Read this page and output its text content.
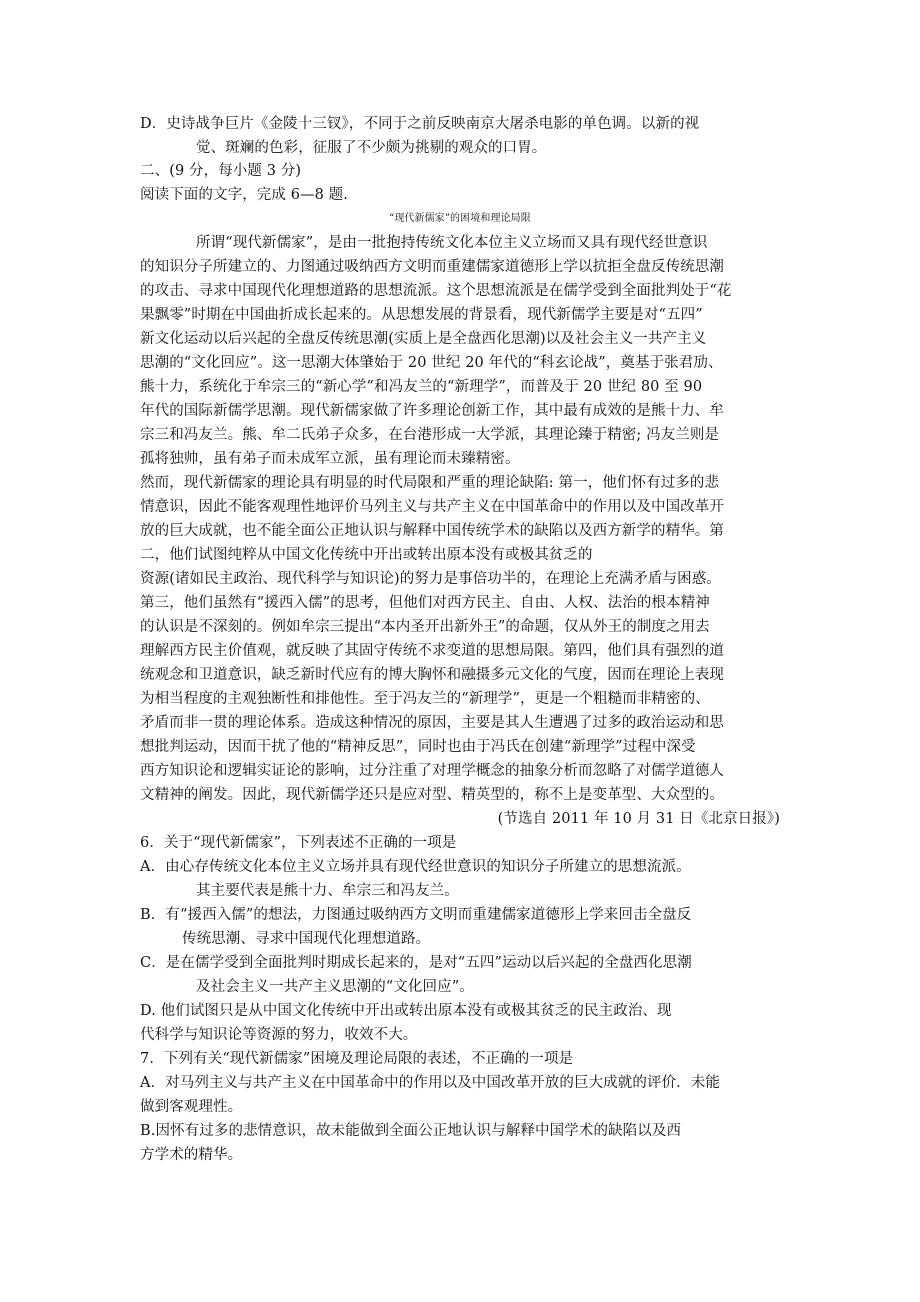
D．史诗战争巨片《金陵十三钗》，不同于之前反映南京大屠杀电影的单色调。以新的视
觉、斑斓的色彩，征服了不少颇为挑剔的观众的口胃。
二、(9 分，每小题 3 分)
阅读下面的文字，完成 6—8 题.
“现代新儒家”的困境和理论局限
所谓“现代新儒家”，是由一批抱持传统文化本位主义立场而又具有现代经世意识
的知识分子所建立的、力图通过吸纳西方文明而重建儒家道德形上学以抗拒全盘反传统思潮
的攻击、寻求中国现代化理想道路的思想流派。这个思想流派是在儒学受到全面批判处于“花
果飘零”时期在中国曲折成长起来的。从思想发展的背景看，现代新儒学主要是对“五四”
新文化运动以后兴起的全盘反传统思潮(实质上是全盘西化思潮)以及社会主义一共产主义
思潮的“文化回应”。这一思潮大体肇始于 20 世纪 20 年代的“科玄论战”，奠基于张君劢、
熊十力，系统化于牟宗三的“新心学”和冯友兰的“新理学”，而普及于 20 世纪 80 至 90
年代的国际新儒学思潮。现代新儒家做了许多理论创新工作，其中最有成效的是熊十力、牟
宗三和冯友兰。熊、牟二氏弟子众多，在台港形成一大学派，其理论臻于精密; 冯友兰则是
孤将独帅，虽有弟子而未成军立派，虽有理论而未臻精密。
然而，现代新儒家的理论具有明显的时代局限和严重的理论缺陷: 第一，他们怀有过多的悲
情意识，因此不能客观理性地评价马列主义与共产主义在中国革命中的作用以及中国改革开
放的巨大成就，也不能全面公正地认识与解释中国传统学术的缺陷以及西方新学的精华。第
二，他们试图纯粹从中国文化传统中开出或转出原本没有或极其贫乏的
资源(诸如民主政治、现代科学与知识论)的努力是事倍功半的，在理论上充满矛盾与困惑。
第三，他们虽然有“援西入儒”的思考，但他们对西方民主、自由、人权、法治的根本精神
的认识是不深刻的。例如牟宗三提出“本内圣开出新外王”的命题，仅从外王的制度之用去
理解西方民主价值观，就反映了其固守传统不求变道的思想局限。第四，他们具有强烈的道
统观念和卫道意识，缺乏新时代应有的博大胸怀和融摄多元文化的气度，因而在理论上表现
为相当程度的主观独断性和排他性。至于冯友兰的“新理学”，更是一个粗糙而非精密的、
矛盾而非一贯的理论体系。造成这种情况的原因，主要是其人生遭遇了过多的政治运动和思
想批判运动，因而干扰了他的“精神反思”，同时也由于冯氏在创建“新理学”过程中深受
西方知识论和逻辑实证论的影响，过分注重了对理学概念的抽象分析而忽略了对儒学道德人
文精神的阐发。因此，现代新儒学还只是应对型、精英型的，称不上是变革型、大众型的。
(节选自 2011 年 10 月 31 日《北京日报》)
6．关于“现代新儒家”，下列表述不正确的一项是
A．由心存传统文化本位主义立场并具有现代经世意识的知识分子所建立的思想流派。
其主要代表是熊十力、牟宗三和冯友兰。
B．有“援西入儒”的想法，力图通过吸纳西方文明而重建儒家道德形上学来回击全盘反
传统思潮、寻求中国现代化理想道路。
C．是在儒学受到全面批判时期成长起来的，是对“五四”运动以后兴起的全盘西化思潮
及社会主义一共产主义思潮的“文化回应”。
D. 他们试图只是从中国文化传统中开出或转出原本没有或极其贫乏的民主政治、现
代科学与知识论等资源的努力，收效不大。
7．下列有关“现代新儒家”困境及理论局限的表述，不正确的一项是
A．对马列主义与共产主义在中国革命中的作用以及中国改革开放的巨大成就的评价．未能
做到客观理性。
B.因怀有过多的悲情意识，故未能做到全面公正地认识与解释中国学术的缺陷以及西
方学术的精华。
